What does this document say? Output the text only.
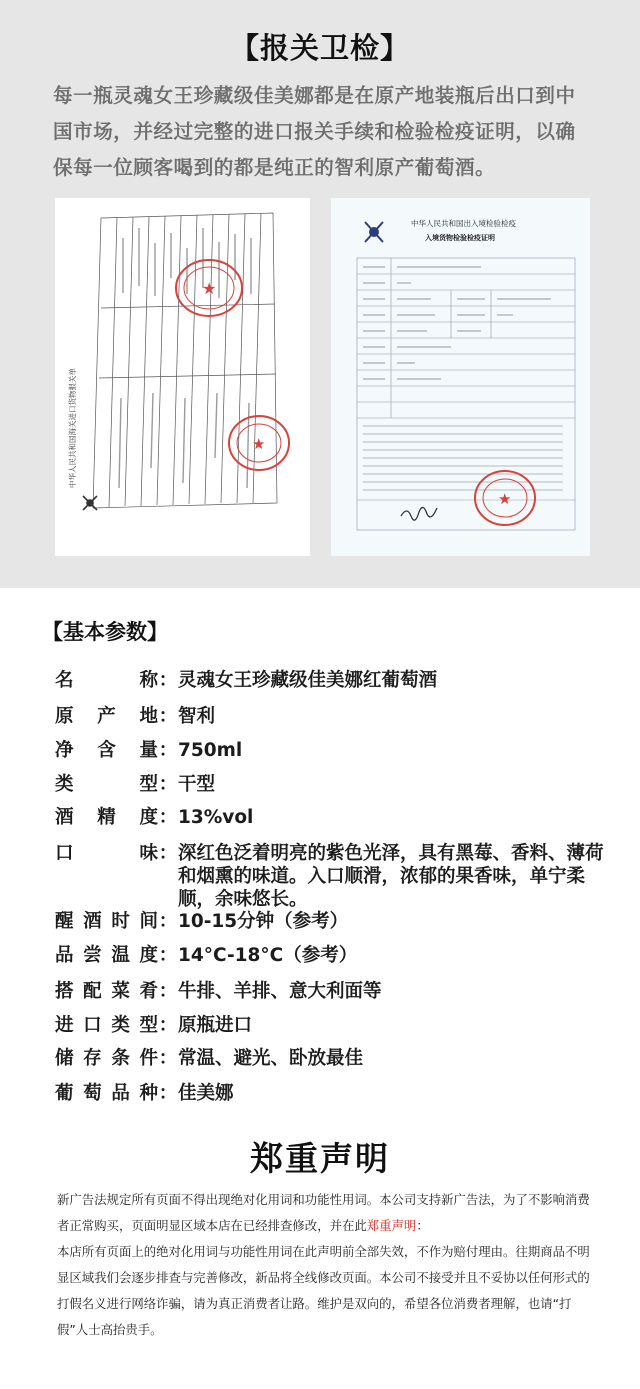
【报关卫检】

每一瓶灵魂女王珍藏级佳美娜都是在原产地装瓶后出口到中国市场，并经过完整的进口报关手续和检验检疫证明，以确保每一位顾客喝到的都是纯正的智利原产葡萄酒。

中华人民共和国海关进口货物报关单
★
★
中华人民共和国出入境检验检疫
入境货物检验检疫证明
★
【基本参数】
名	称 ： 灵魂女王珍藏级佳美娜红葡萄酒
原 产 地 ： 智利
净 含 量 ： 750ml
类	型 ： 干型
酒 精 度 ： 13%vol
口	味 ： 深红色泛着明亮的紫色光泽，具有黑莓、香料、薄荷和烟熏的味道。入口顺滑，浓郁的果香味，单宁柔顺，余味悠长。
醒 酒 时 间 ： 10-15分钟（参考）
品 尝 温 度 ： 14°C-18°C（参考）
搭 配 菜 肴 ： 牛排、羊排、意大利面等
进 口 类 型 ： 原瓶进口
储 存 条 件 ： 常温、避光、卧放最佳
葡 萄 品 种 ： 佳美娜
郑重声明

新广告法规定所有页面不得出现绝对化用词和功能性用词。本公司支持新广告法，为了不影响消费者正常购买，页面明显区域本店在已经排查修改，并在此郑重声明：

本店所有页面上的绝对化用词与功能性用词在此声明前全部失效，不作为赔付理由。往期商品不明显区域我们会逐步排查与完善修改，新品将全线修改页面。本公司不接受并且不妥协以任何形式的打假名义进行网络诈骗，请为真正消费者让路。维护是双向的，希望各位消费者理解，也请“打假”人士高抬贵手。
